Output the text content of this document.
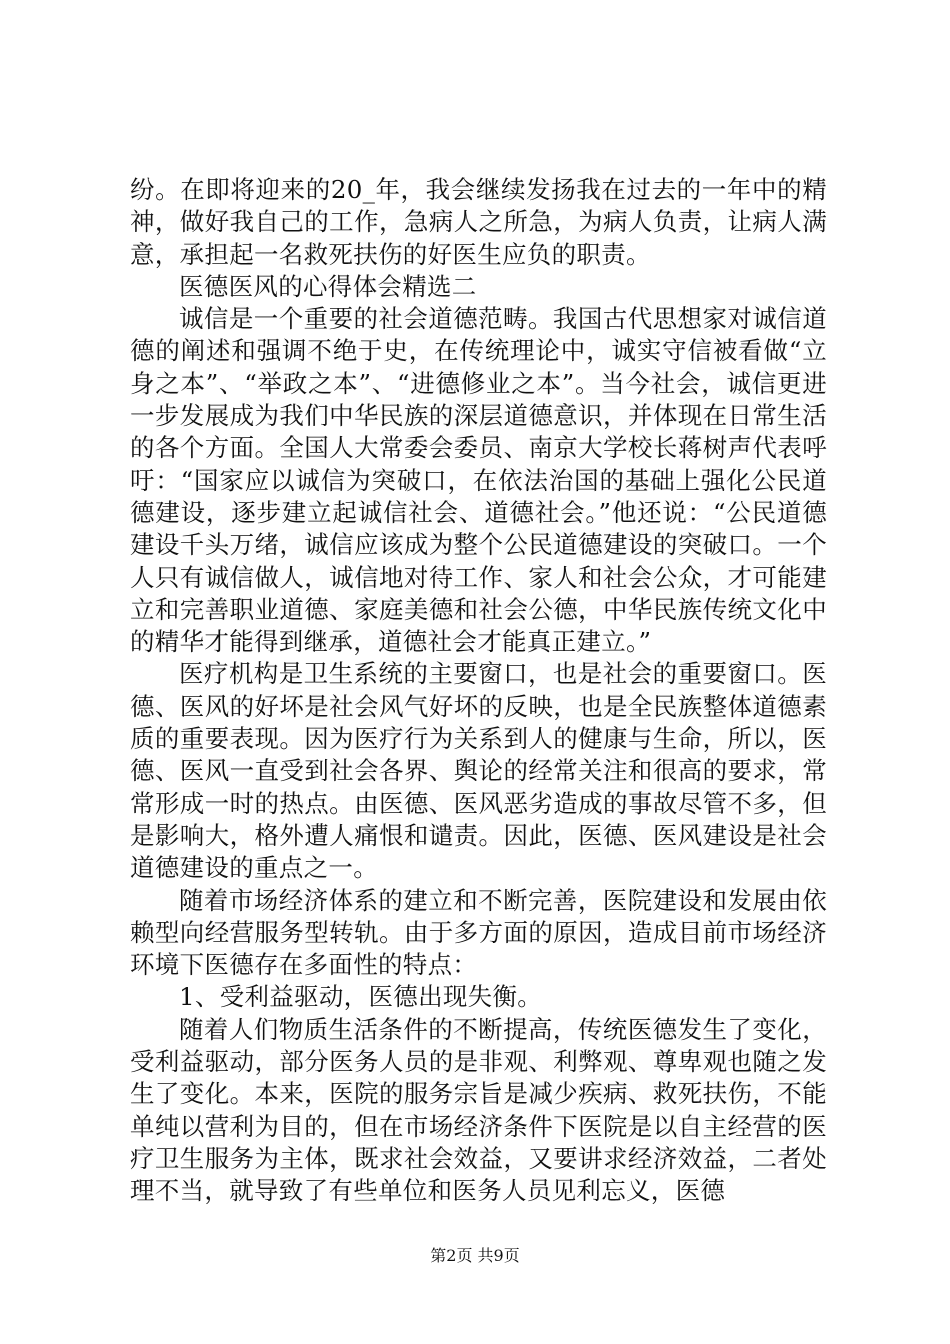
纷。在即将迎来的20_年，我会继续发扬我在过去的一年中的精神，做好我自己的工作，急病人之所急，为病人负责，让病人满意，承担起一名救死扶伤的好医生应负的职责。

医德医风的心得体会精选二

诚信是一个重要的社会道德范畴。我国古代思想家对诚信道德的阐述和强调不绝于史，在传统理论中，诚实守信被看做“立身之本”、“举政之本”、“进德修业之本”。当今社会，诚信更进一步发展成为我们中华民族的深层道德意识，并体现在日常生活的各个方面。全国人大常委会委员、南京大学校长蒋树声代表呼吁：“国家应以诚信为突破口，在依法治国的基础上强化公民道德建设，逐步建立起诚信社会、道德社会。”他还说：“公民道德建设千头万绪，诚信应该成为整个公民道德建设的突破口。一个人只有诚信做人，诚信地对待工作、家人和社会公众，才可能建立和完善职业道德、家庭美德和社会公德，中华民族传统文化中的精华才能得到继承，道德社会才能真正建立。”

医疗机构是卫生系统的主要窗口，也是社会的重要窗口。医德、医风的好坏是社会风气好坏的反映，也是全民族整体道德素质的重要表现。因为医疗行为关系到人的健康与生命，所以，医德、医风一直受到社会各界、舆论的经常关注和很高的要求，常常形成一时的热点。由医德、医风恶劣造成的事故尽管不多，但是影响大，格外遭人痛恨和谴责。因此，医德、医风建设是社会道德建设的重点之一。

随着市场经济体系的建立和不断完善，医院建设和发展由依赖型向经营服务型转轨。由于多方面的原因，造成目前市场经济环境下医德存在多面性的特点：

1、受利益驱动，医德出现失衡。

随着人们物质生活条件的不断提高，传统医德发生了变化，受利益驱动，部分医务人员的是非观、利弊观、尊卑观也随之发生了变化。本来，医院的服务宗旨是减少疾病、救死扶伤，不能单纯以营利为目的，但在市场经济条件下医院是以自主经营的医疗卫生服务为主体，既求社会效益，又要讲求经济效益，二者处理不当，就导致了有些单位和医务人员见利忘义，医德

第2页 共9页
